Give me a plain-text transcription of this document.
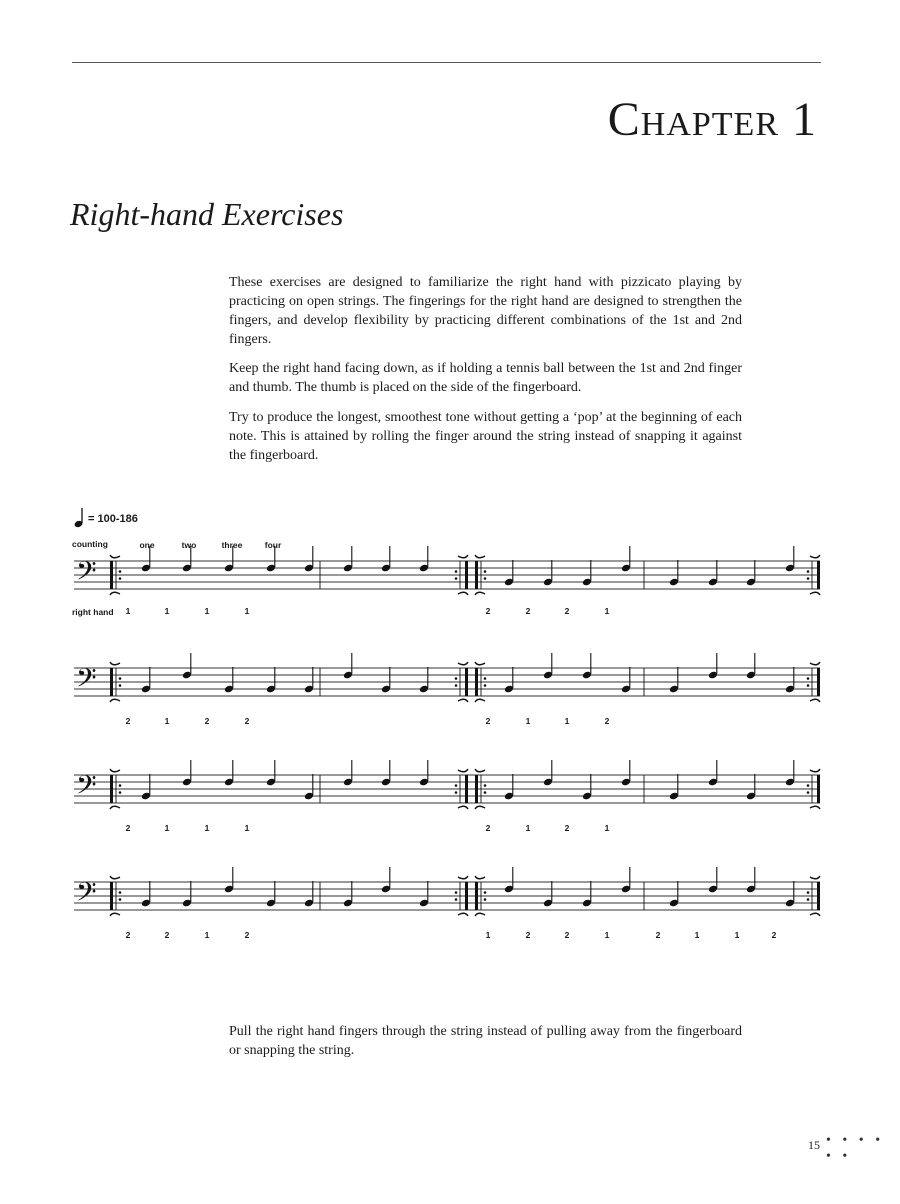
Chapter 1
Right-hand Exercises

These exercises are designed to familiarize the right hand with pizzicato playing by practicing on open strings. The fingerings for the right hand are designed to strengthen the fingers, and develop flexibility by practicing different combinations of the 1st and 2nd fingers.

Keep the right hand facing down, as if holding a tennis ball between the 1st and 2nd finger and thumb. The thumb is placed on the side of the fingerboard.

Try to produce the longest, smoothest tone without getting a ‘pop’ at the beginning of each note. This is attained by rolling the finger around the string instead of snapping it against the fingerboard.

= 100-186
counting	one	two	three	four
right hand
𝄢
𝄢
𝄢
𝄢
1	1	1	1	2	2	2	1
2	1	2	2	2	1	1	2
2	1	1	1	2	1	2	1
2	2	1	2	1	2	2	1	2	1	1	2

Pull the right hand fingers through the string instead of pulling away from the fingerboard or snapping the string.

15 • • • • • •
